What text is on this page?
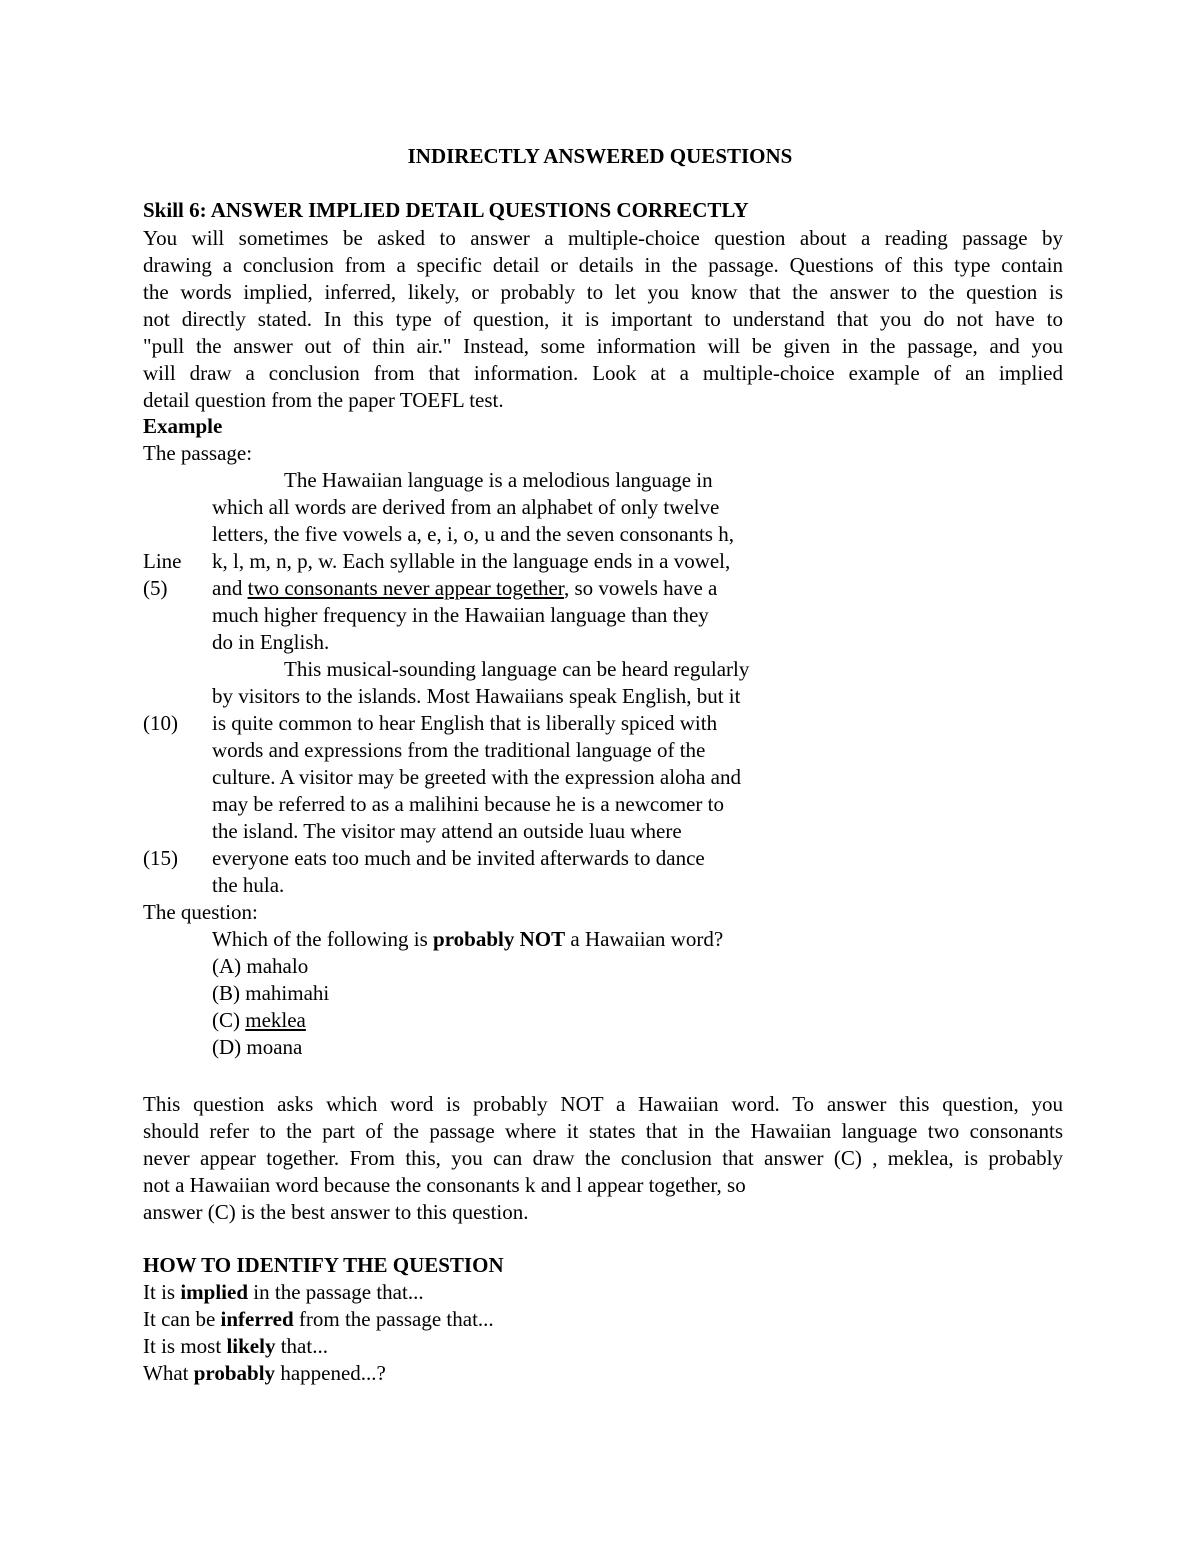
INDIRECTLY ANSWERED QUESTIONS
Skill 6: ANSWER IMPLIED DETAIL QUESTIONS CORRECTLY
You will sometimes be asked to answer a multiple-choice question about a reading passage by
drawing a conclusion from a specific detail or details in the passage. Questions of this type contain
the words implied, inferred, likely, or probably to let you know that the answer to the question is
not directly stated. In this type of question, it is important to understand that you do not have to
"pull the answer out of thin air." Instead, some information will be given in the passage, and you
will draw a conclusion from that information. Look at a multiple-choice example of an implied
detail question from the paper TOEFL test.
Example
The passage:
The Hawaiian language is a melodious language in
which all words are derived from an alphabet of only twelve
letters, the five vowels a, e, i, o, u and the seven consonants h,
Line k, l, m, n, p, w. Each syllable in the language ends in a vowel,
(5) and two consonants never appear together, so vowels have a
much higher frequency in the Hawaiian language than they
do in English.
This musical-sounding language can be heard regularly
by visitors to the islands. Most Hawaiians speak English, but it
(10) is quite common to hear English that is liberally spiced with
words and expressions from the traditional language of the
culture. A visitor may be greeted with the expression aloha and
may be referred to as a malihini because he is a newcomer to
the island. The visitor may attend an outside luau where
(15) everyone eats too much and be invited afterwards to dance
the hula.
The question:
Which of the following is probably NOT a Hawaiian word?
(A) mahalo
(B) mahimahi
(C) meklea
(D) moana
This question asks which word is probably NOT a Hawaiian word. To answer this question, you
should refer to the part of the passage where it states that in the Hawaiian language two consonants
never appear together. From this, you can draw the conclusion that answer (C) , meklea, is probably
not a Hawaiian word because the consonants k and l appear together, so
answer (C) is the best answer to this question.
HOW TO IDENTIFY THE QUESTION
It is implied in the passage that...
It can be inferred from the passage that...
It is most likely that...
What probably happened...?
